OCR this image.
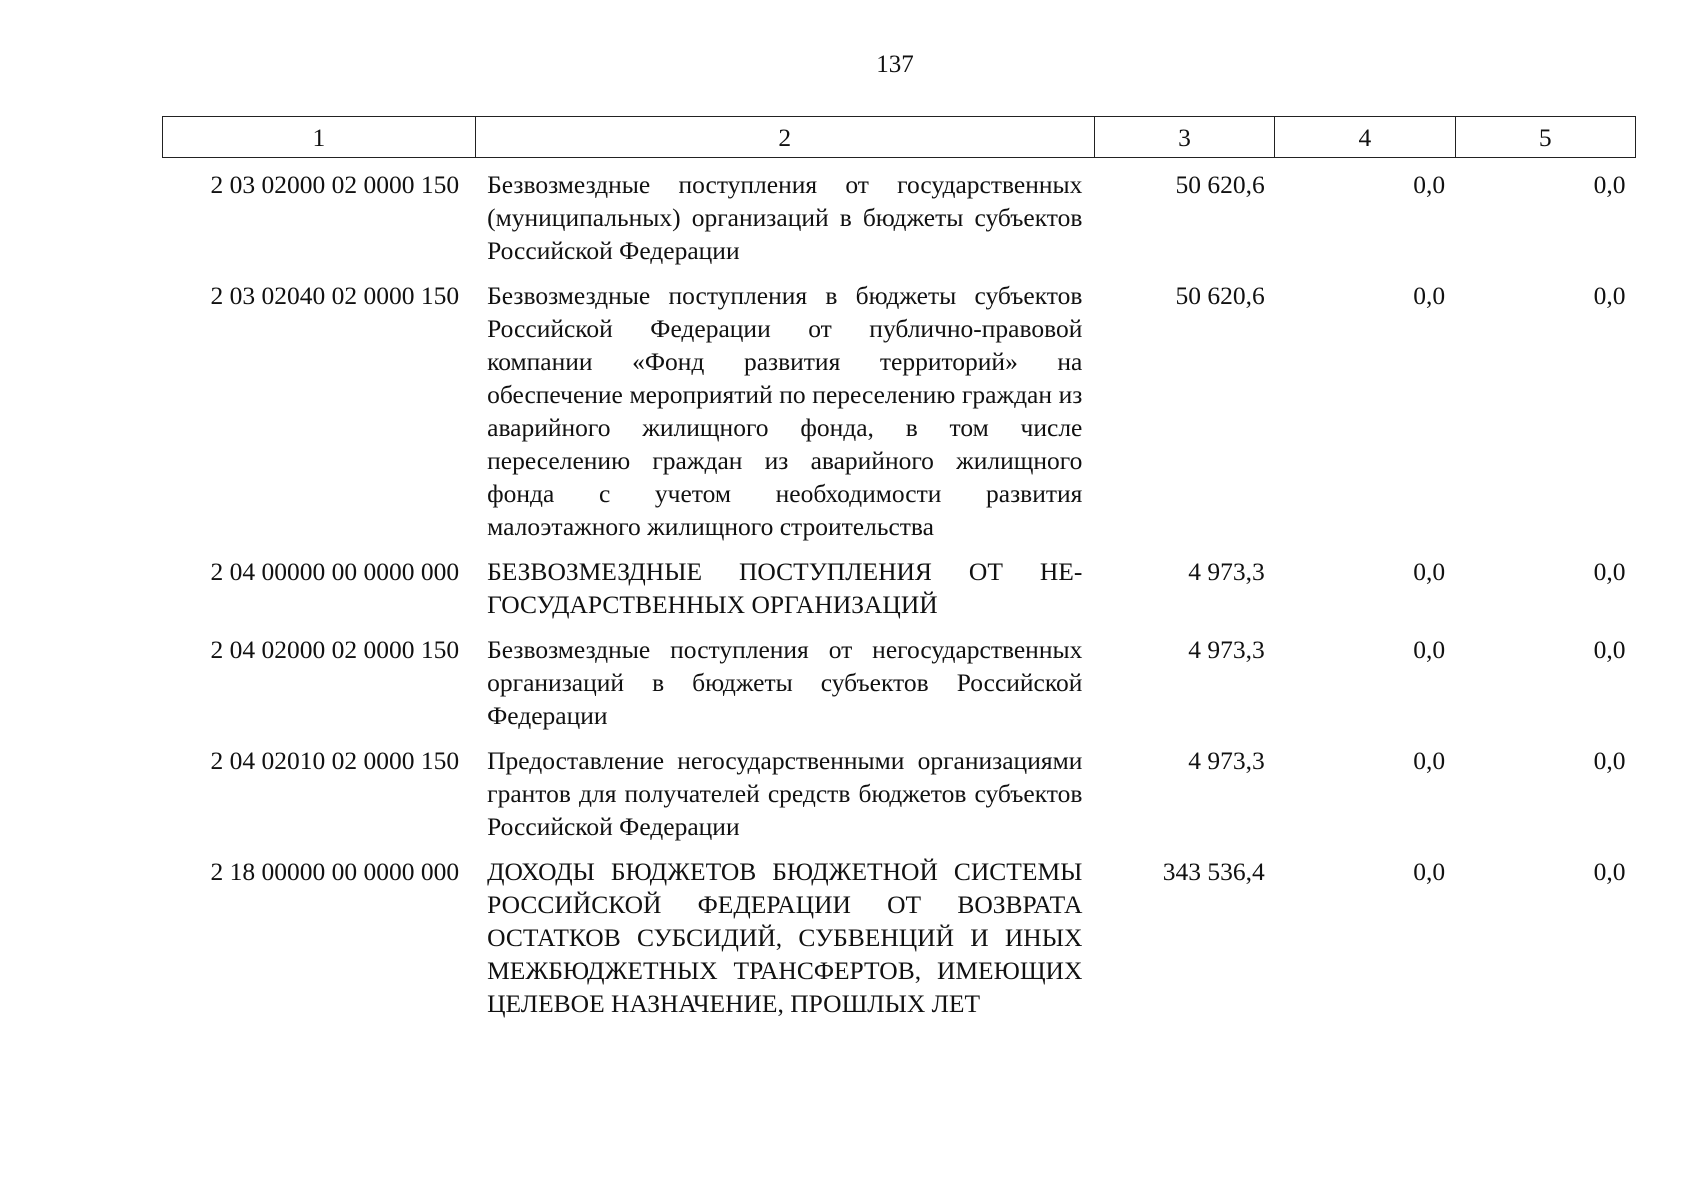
137
1	2	3	4	5
2 03 02000 02 0000 150	Безвозмездные поступления от государственных (муниципальных) организаций в бюджеты субъектов Российской Федерации	50 620,6	0,0	0,0
2 03 02040 02 0000 150	Безвозмездные поступления в бюджеты субъектов Российской Федерации от публично-правовой компании «Фонд развития территорий» на обеспечение мероприятий по переселению граждан из аварийного жилищного фонда, в том числе переселению граждан из аварийного жилищного фонда с учетом необходимости развития малоэтажного жилищного строительства	50 620,6	0,0	0,0
2 04 00000 00 0000 000	БЕЗВОЗМЕЗДНЫЕ ПОСТУПЛЕНИЯ ОТ НЕГОСУДАРСТВЕННЫХ ОРГАНИЗАЦИЙ	4 973,3	0,0	0,0
2 04 02000 02 0000 150	Безвозмездные поступления от негосударственных организаций в бюджеты субъектов Российской Федерации	4 973,3	0,0	0,0
2 04 02010 02 0000 150	Предоставление негосударственными организациями грантов для получателей средств бюджетов субъектов Российской Федерации	4 973,3	0,0	0,0
2 18 00000 00 0000 000	ДОХОДЫ БЮДЖЕТОВ БЮДЖЕТНОЙ СИСТЕМЫ РОССИЙСКОЙ ФЕДЕРАЦИИ ОТ ВОЗВРАТА ОСТАТКОВ СУБСИДИЙ, СУБВЕНЦИЙ И ИНЫХ МЕЖБЮДЖЕТНЫХ ТРАНСФЕРТОВ, ИМЕЮЩИХ ЦЕЛЕВОЕ НАЗНАЧЕНИЕ, ПРОШЛЫХ ЛЕТ	343 536,4	0,0	0,0
